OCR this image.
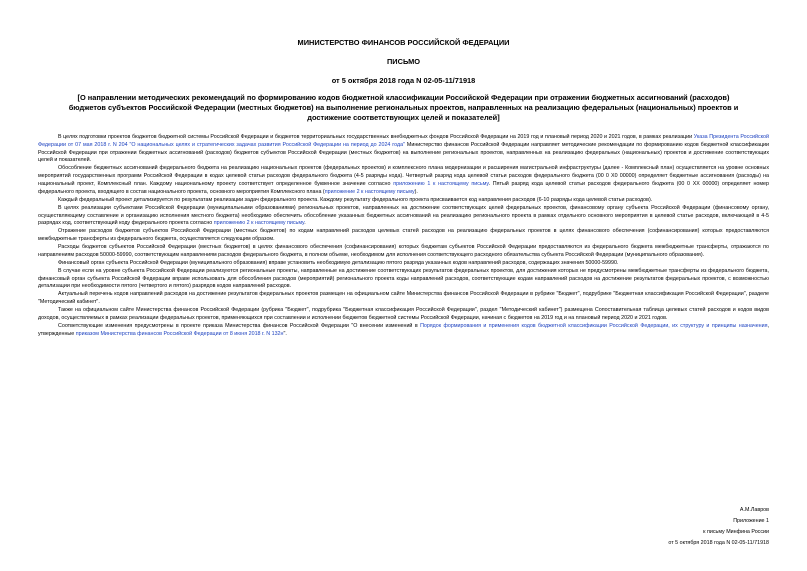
МИНИСТЕРСТВО ФИНАНСОВ РОССИЙСКОЙ ФЕДЕРАЦИИ
ПИСЬМО
от 5 октября 2018 года N 02-05-11/71918
[О направлении методических рекомендаций по формированию кодов бюджетной классификации Российской Федерации при отражении бюджетных ассигнований (расходов) бюджетов субъектов Российской Федерации (местных бюджетов) на выполнение региональных проектов, направленных на реализацию федеральных (национальных) проектов и достижение соответствующих целей и показателей]

В целях подготовки проектов бюджетов бюджетной системы Российской Федерации и бюджетов территориальных государственных внебюджетных фондов Российской Федерации на 2019 год и плановый период 2020 и 2021 годов, в рамках реализации Указа Президента Российской Федерации от 07 мая 2018 г. N 204 "О национальных целях и стратегических задачах развития Российской Федерации на период до 2024 года" Министерство финансов Российской Федерации направляет методические рекомендации по формированию кодов бюджетной классификации Российской Федерации при отражении бюджетных ассигнований (расходов) бюджетов субъектов Российской Федерации (местных бюджетов) на выполнение региональных проектов, направленных на реализацию федеральных (национальных) проектов и достижение соответствующих целей и показателей.

Обособление бюджетных ассигнований федерального бюджета на реализацию национальных проектов (федеральных проектов) и комплексного плана модернизации и расширения магистральной инфраструктуры (далее - Комплексный план) осуществляется на уровне основных мероприятий государственных программ Российской Федерации в кодах целевой статьи расходов федерального бюджета (4-5 разряды кода). Четвертый разряд кода целевой статьи расходов федерального бюджета (00 0 Х0 00000) определяет бюджетные ассигнования (расходы) на национальный проект, Комплексный план. Каждому национальному проекту соответствует определенное буквенное значение согласно приложению 1 к настоящему письму. Пятый разряд кода целевой статьи расходов федерального бюджета (00 0 ХХ 00000) определяет номер федерального проекта, входящего в состав национального проекта, основного мероприятия Комплексного плана (приложение 2 к настоящему письму).

Каждый федеральный проект детализируется по результатам реализации задач федерального проекта. Каждому результату федерального проекта присваивается код направления расходов (6-10 разряды кода целевой статьи расходов).

В целях реализации субъектами Российской Федерации (муниципальными образованиями) региональных проектов, направленных на достижение соответствующих целей федеральных проектов, финансовому органу субъекта Российской Федерации (финансовому органу, осуществляющему составление и организацию исполнения местного бюджета) необходимо обеспечить обособление указанных бюджетных ассигнований на реализацию регионального проекта в рамках отдельного основного мероприятия в целевой статье расходов, включающей в 4-5 разрядах код, соответствующий коду федерального проекта согласно приложению 2 к настоящему письму.

Отражение расходов бюджетов субъектов Российской Федерации (местных бюджетов) по кодам направлений расходов целевых статей расходов на реализацию федеральных проектов в целях финансового обеспечения (софинансирования) которых предоставляются межбюджетные трансферты из федерального бюджета, осуществляется следующим образом.

Расходы бюджетов субъектов Российской Федерации (местных бюджетов) в целях финансового обеспечения (софинансирования) которых бюджетам субъектов Российской Федерации предоставляются из федерального бюджета межбюджетные трансферты, отражаются по направлениям расходов 50000-59990, соответствующим направлениям расходов федерального бюджета, в полном объеме, необходимом для исполнения соответствующего расходного обязательства субъекта Российской Федерации (муниципального образования).

Финансовый орган субъекта Российской Федерации (муниципального образования) вправе установить необходимую детализацию пятого разряда указанных кодов направлений расходов, содержащих значения 50000-59990.

В случае если на уровне субъекта Российской Федерации реализуются региональные проекты, направленные на достижение соответствующих результатов федеральных проектов, для достижения которых не предусмотрены межбюджетные трансферты из федерального бюджета, финансовый орган субъекта Российской Федерации вправе использовать для обособления расходов (мероприятий) регионального проекта коды направлений расходов, соответствующие кодам направлений расходов на достижение результатов федеральных проектов, с возможностью детализации при необходимости пятого (четвертого и пятого) разрядов кодов направлений расходов.

Актуальный перечень кодов направлений расходов на достижение результатов федеральных проектов размещен на официальном сайте Министерства финансов Российской Федерации в рубрике "Бюджет", подрубрике "Бюджетная классификация Российской Федерации", разделе "Методический кабинет".

Также на официальном сайте Министерства финансов Российской Федерации (рубрика "Бюджет", подрубрика "Бюджетная классификация Российской Федерации", раздел "Методический кабинет") размещена Сопоставительная таблица целевых статей расходов и кодов видов доходов, осуществляемых в рамках реализации федеральных проектов, применяющихся при составлении и исполнении бюджетов бюджетной системы Российской Федерации, начиная с бюджетов на 2019 год и на плановый период 2020 и 2021 годов.

Соответствующие изменения предусмотрены в проекте приказа Министерства финансов Российской Федерации "О внесении изменений в Порядок формирования и применения кодов бюджетной классификации Российской Федерации, их структуру и принципы назначения, утвержденные приказом Министерства финансов Российской Федерации от 8 июня 2018 г. N 132н".

А.М.Лавров
Приложение 1
к письму Минфина России
от 5 октября 2018 года N 02-05-11/71918
